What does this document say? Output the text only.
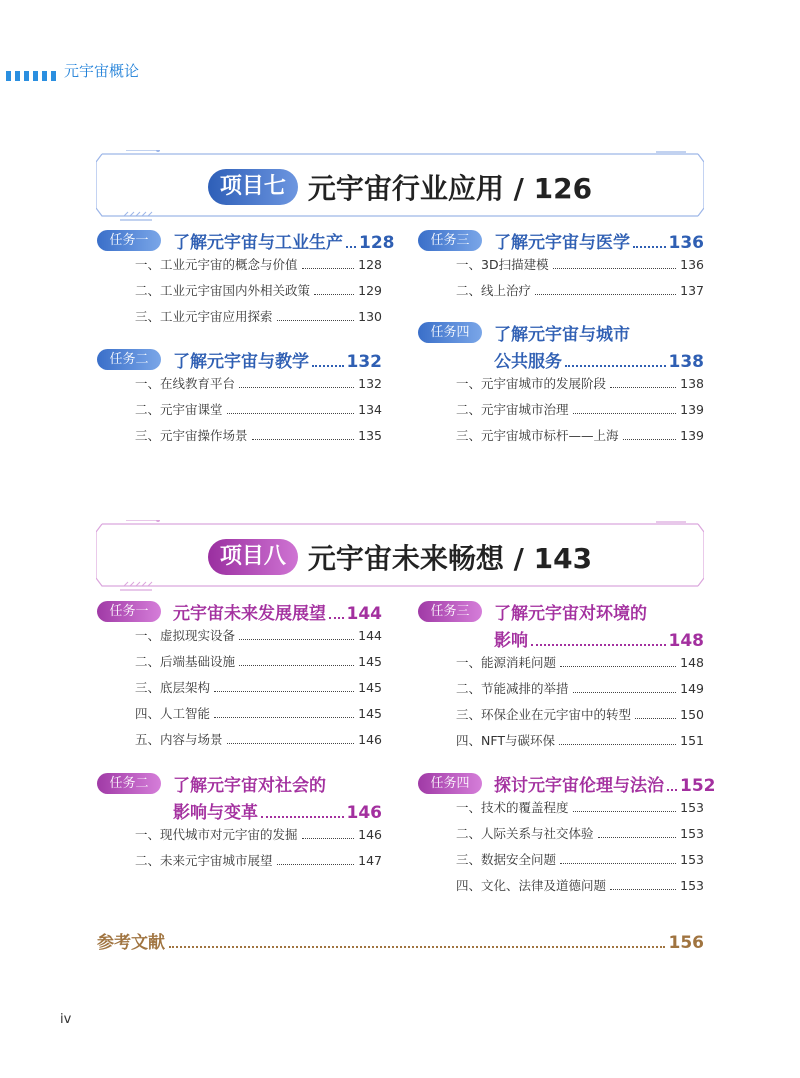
元宇宙概论
项目七 元宇宙行业应用 / 126
任务一	了解元宇宙与工业生产 128
一、工业元宇宙的概念与价值	128
二、工业元宇宙国内外相关政策	129
三、工业元宇宙应用探索	130
任务二	了解元宇宙与教学 132
一、在线教育平台	132
二、元宇宙课堂	134
三、元宇宙操作场景	135
任务三	了解元宇宙与医学 136
一、3D扫描建模	136
二、线上治疗	137
任务四	了解元宇宙与城市
公共服务	138
一、元宇宙城市的发展阶段	138
二、元宇宙城市治理	139
三、元宇宙城市标杆——上海	139
项目八 元宇宙未来畅想 / 143
任务一	元宇宙未来发展展望 144
一、虚拟现实设备	144
二、后端基础设施	145
三、底层架构	145
四、人工智能	145
五、内容与场景	146
任务二	了解元宇宙对社会的
影响与变革	146
一、现代城市对元宇宙的发掘	146
二、未来元宇宙城市展望	147
任务三	了解元宇宙对环境的
影响	148
一、能源消耗问题	148
二、节能减排的举措	149
三、环保企业在元宇宙中的转型	150
四、NFT与碳环保	151
任务四	探讨元宇宙伦理与法治 152
一、技术的覆盖程度	153
二、人际关系与社交体验	153
三、数据安全问题	153
四、文化、法律及道德问题	153
参考文献	156
iv
